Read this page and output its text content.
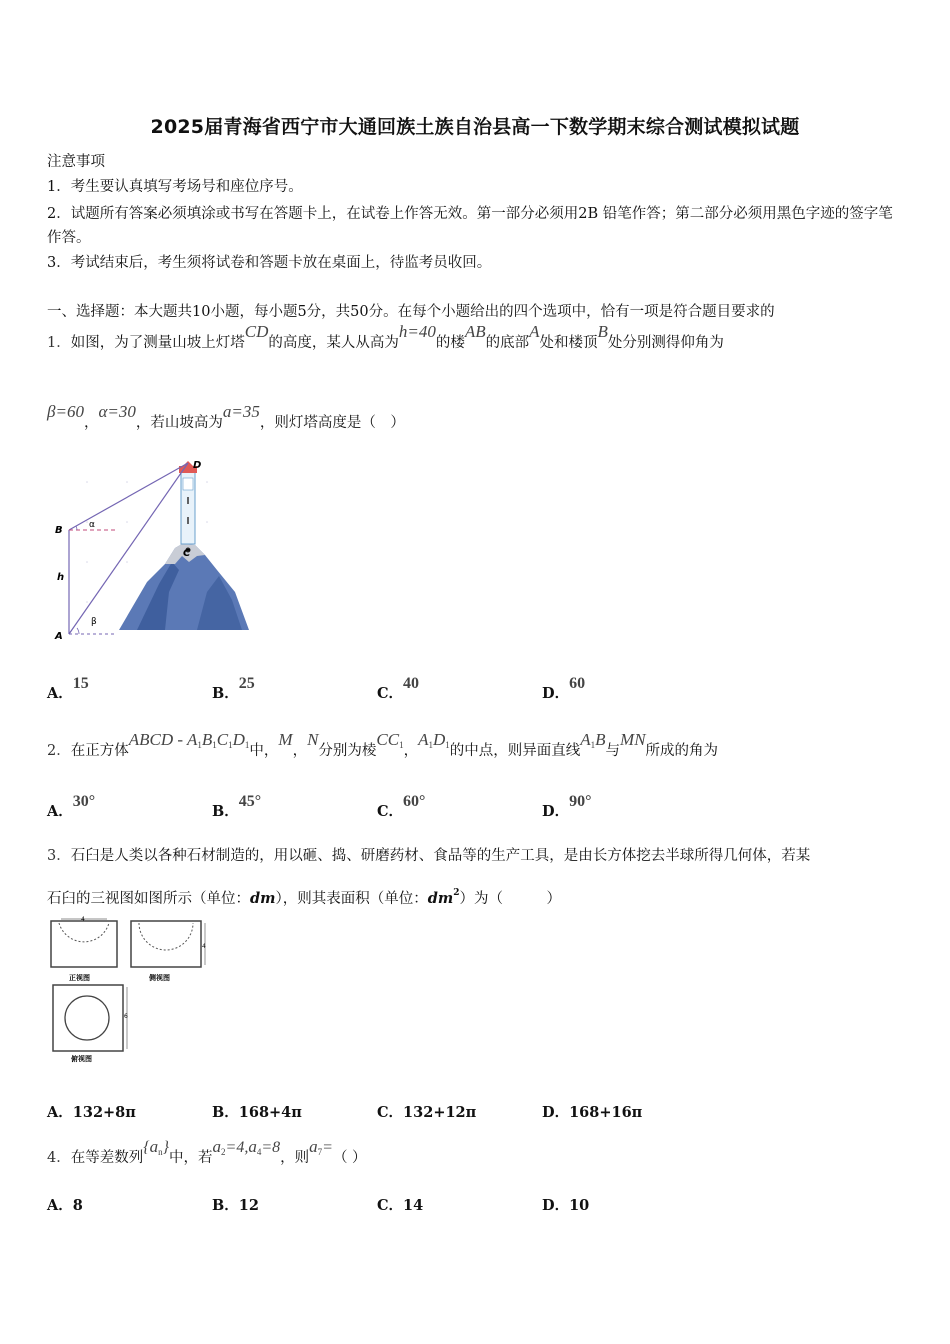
2025届青海省西宁市大通回族土族自治县高一下数学期末综合测试模拟试题
注意事项
1．考生要认真填写考场号和座位序号。
2．试题所有答案必须填涂或书写在答题卡上，在试卷上作答无效。第一部分必须用2B 铅笔作答；第二部分必须用黑色字迹的签字笔作答。
3．考试结束后，考生须将试卷和答题卡放在桌面上，待监考员收回。
一、选择题：本大题共10小题，每小题5分，共50分。在每个小题给出的四个选项中，恰有一项是符合题目要求的
1．如图，为了测量山坡上灯塔CD的高度，某人从高为h=40的楼AB的底部A处和楼顶B处分别测得仰角为
β=60，α=30，若山坡高为a=35，则灯塔高度是（　）
D
B
C
A
h
α
β
A．15
B．25
C．40
D．60
2．在正方体ABCD - $A_1B_1C_1D_1$中，M，N分别为棱$CC_1$，$A_1D_1$的中点，则异面直线$A_1B$与MN所成的角为
A．30°
B．45°
C．60°
D．90°
3．石臼是人类以各种石材制造的，用以砸、捣、研磨药材、食品等的生产工具，是由长方体挖去半球所得几何体，若某
石臼的三视图如图所示（单位：dm），则其表面积（单位：$dm^2$）为（　　　）
4
正视图
4
侧视图
6
俯视图
A．132+8π	B．168+4π	C．132+12π	D．168+16π
4．在等差数列$\{a_n\}$中，若$a_2=4,a_4=8$，则$a_7=$（ ）
A．8	B．12	C．14	D．10
